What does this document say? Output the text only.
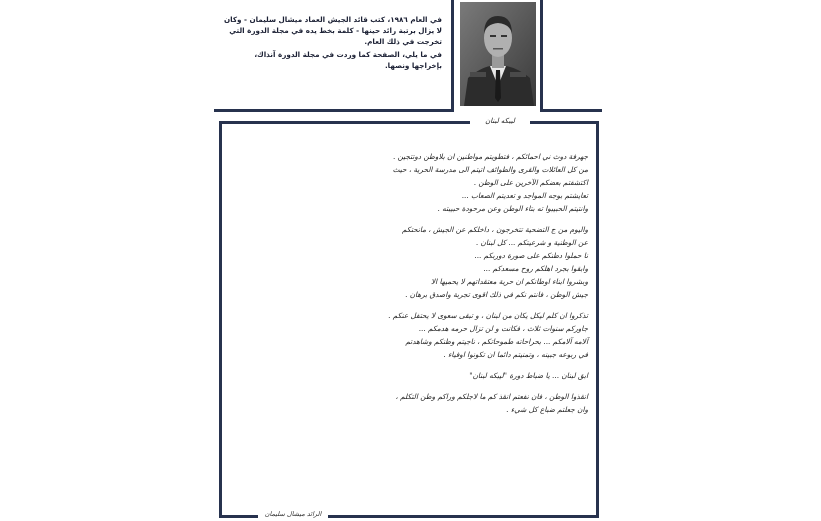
في العام ١٩٨٦، كتب قائد الجيش العماد ميشال سليمان - وكان لا يزال برتبة رائد حينها - كلمة بخط يده في مجلة الدورة التي تخرجت في ذلك العام.

في ما يلي، الصفحة كما وردت في مجلة الدورة آنذاك، بإخراجها ونصها.

ليبكه لبنان
جهرفة دوث ني احمائكم ، فتطويتم مواطنين ان بلاوطن دوتتجين .
من كل العائلات والقرى والطوائف اتيتم الى مدرسة الحرية ، حيث
اكتشفتم بعضكم الآخرين على الوطن .
تعايشتم بوجه المواجد و تعديتم الصعاب ...
وانتيتم الحبيبوا ته بتاء الوطن وعن مرحودة حبيبته .
واليوم من ج التضحية تتخرجون ، داخلكم عن الجيش ، مانحتكم
عن الوطنية و شرعيتكم ... كل لبنان .
نا حملوا دطنكم على صورة دوربكم ...
وابقوا بجرد اهلكم روح مسعدكم ...
وبشروا ابناء اوطانكم ان حرية معتقداتهم لا يحميها الا
جيش الوطن ، فانتم نكم في ذلك اقوى تجربة واصدق برهان .
تذكروا ان كلم ليكل يكان من لبنان ، و تبقى سعوى لا يحتفل عنكم .
جاوركم سنوات ثلاث ، فكانت و لن تزال حرمه هدمكم ...
آلامه آلامكم ... بحراحاته طموحاتكم ، ناجيتم وطنكم وشاهدتم
في ربوعه جبينه ، وتمنيتم دائما ان تكونوا اوفياء .
ابق لبنان ... يا ضباط دورة "ليبكه لبنان"
انقذوا الوطن ، فان نفعتم انقذ كم ما لاجلكم وراكم وطن التكلم ،
وان جعلتم ضباع كل شيء .
الرائد ميشال سليمان
